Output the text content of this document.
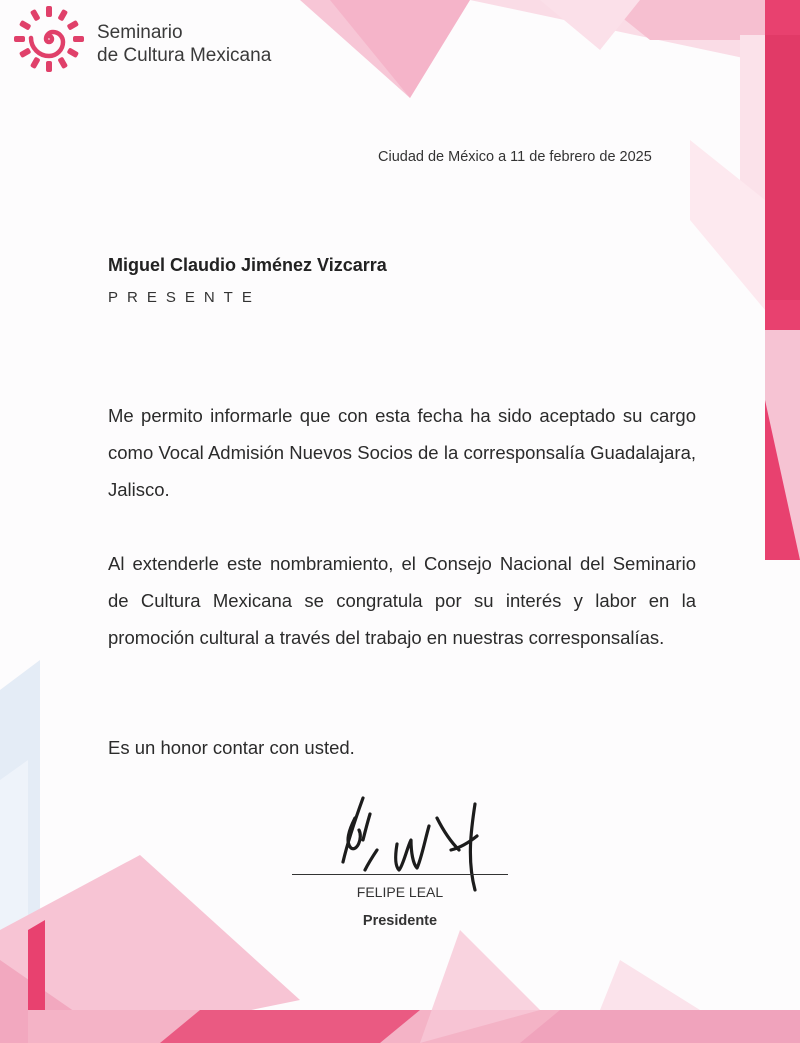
Seminario
de Cultura Mexicana
Ciudad de México a 11 de febrero de 2025
Miguel Claudio Jiménez Vizcarra
PRESENTE

Me permito informarle que con esta fecha ha sido aceptado su cargo como Vocal Admisión Nuevos Socios de la corresponsalía Guadalajara, Jalisco.

Al extenderle este nombramiento, el Consejo Nacional del Seminario de Cultura Mexicana se congratula por su interés y labor en la promoción cultural a través del trabajo en nuestras corresponsalías.

Es un honor contar con usted.

FELIPE LEAL
Presidente
